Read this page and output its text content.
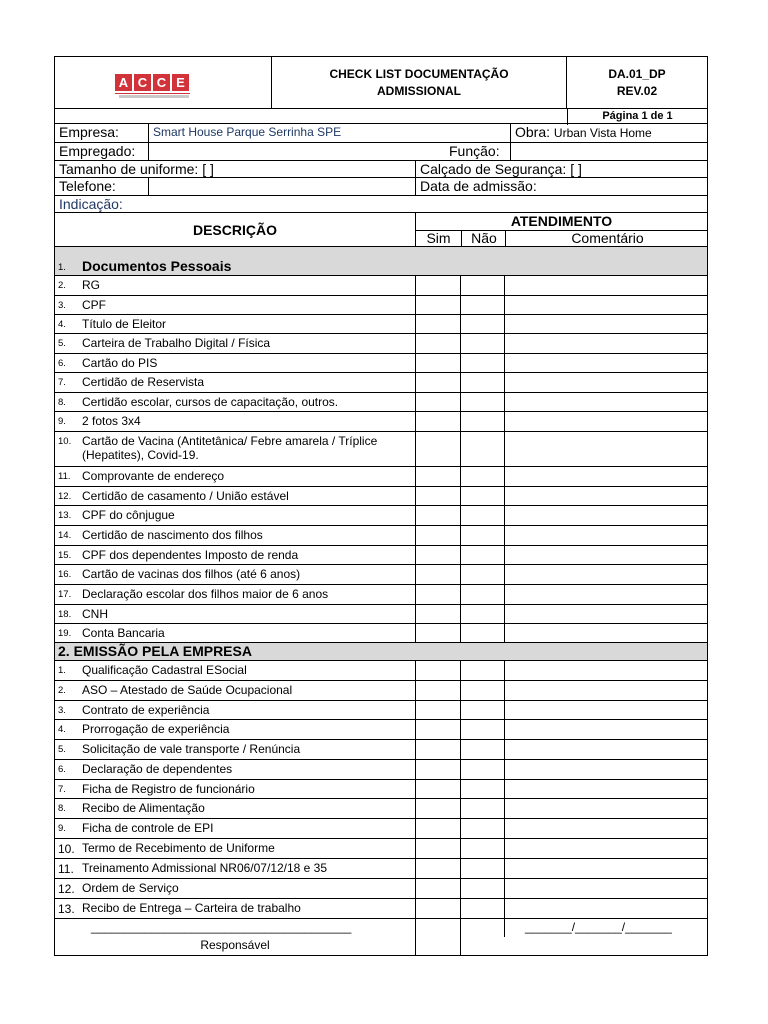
A C C E
CHECK LIST DOCUMENTAÇÃO
ADMISSIONAL
DA.01_DP
REV.02
Página 1 de 1
Empresa:	Smart House Parque Serrinha SPE	Obra: Urban Vista Home
Empregado:	Função:
Tamanho de uniforme: [ ]	Calçado de Segurança: [ ]
Telefone:	Data de admissão:
Indicação:
DESCRIÇÃO
ATENDIMENTO
Sim	Não	Comentário
1.	Documentos Pessoais
2.	RG
3.	CPF
4.	Título de Eleitor
5.	Carteira de Trabalho Digital / Física
6.	Cartão do PIS
7.	Certidão de Reservista
8.	Certidão escolar, cursos de capacitação, outros.
9.	2 fotos 3x4
10. Cartão de Vacina (Antitetânica/ Febre amarela / Tríplice (Hepatites), Covid-19.
11. Comprovante de endereço
12. Certidão de casamento / União estável
13. CPF do cônjugue
14. Certidão de nascimento dos filhos
15. CPF dos dependentes Imposto de renda
16. Cartão de vacinas dos filhos (até 6 anos)
17. Declaração escolar dos filhos maior de 6 anos
18. CNH
19. Conta Bancaria
2. EMISSÃO PELA EMPRESA
1.	Qualificação Cadastral ESocial
2.	ASO – Atestado de Saúde Ocupacional
3.	Contrato de experiência
4.	Prorrogação de experiência
5.	Solicitação de vale transporte / Renúncia
6.	Declaração de dependentes
7.	Ficha de Registro de funcionário
8.	Recibo de Alimentação
9.	Ficha de controle de EPI
10. Termo de Recebimento de Uniforme
11. Treinamento Admissional NR06/07/12/18 e 35
12. Ordem de Serviço
13. Recibo de Entrega – Carteira de trabalho
_______________________________________
Responsável
_______/_______/_______
